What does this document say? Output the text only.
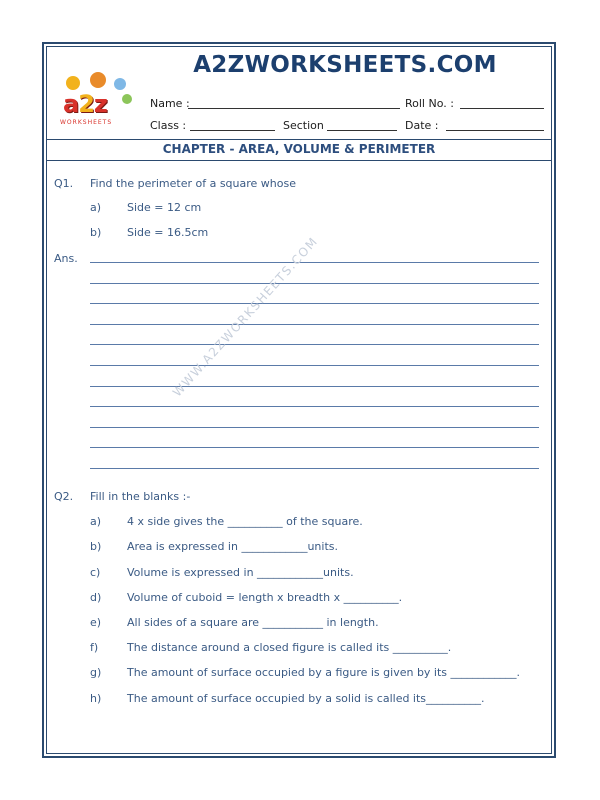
A2ZWORKSHEETS.COM
a2z
WORKSHEETS
Name :	Roll No. :
Class :	Section	Date :
CHAPTER - AREA, VOLUME & PERIMETER
Q1. Find the perimeter of a square whose
a) Side = 12 cm
b) Side = 16.5cm
Ans.
Q2. Fill in the blanks :-
a) 4 x side gives the __________ of the square.
b) Area is expressed in ____________units.
c) Volume is expressed in ____________units.
d) Volume of cuboid = length x breadth x __________.
e) All sides of a square are ___________ in length.
f)	The distance around a closed figure is called its __________.
g) The amount of surface occupied by a figure is given by its ____________.
h) The amount of surface occupied by a solid is called its__________.
WWW.A2ZWORKSHEETS.COM
